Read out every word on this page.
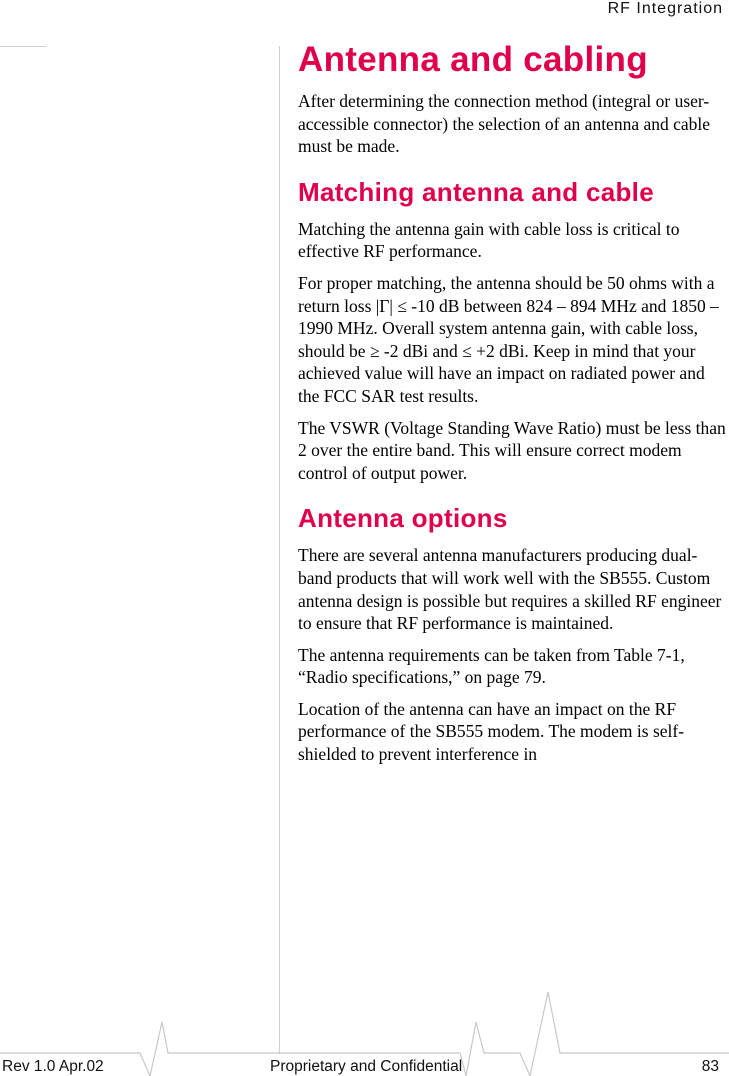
RF Integration
Antenna and cabling

After determining the connection method (integral or user-accessible connector) the selection of an antenna and cable must be made.

Matching antenna and cable

Matching the antenna gain with cable loss is critical to effective RF performance.

For proper matching, the antenna should be 50 ohms with a return loss |Γ| ≤ -10 dB between 824 – 894 MHz and 1850 – 1990 MHz. Overall system antenna gain, with cable loss, should be ≥ -2 dBi and ≤ +2 dBi. Keep in mind that your achieved value will have an impact on radiated power and the FCC SAR test results.

The VSWR (Voltage Standing Wave Ratio) must be less than 2 over the entire band. This will ensure correct modem control of output power.

Antenna options

There are several antenna manufacturers producing dual-band products that will work well with the SB555. Custom antenna design is possible but requires a skilled RF engineer to ensure that RF performance is maintained.

The antenna requirements can be taken from Table 7-1, “Radio specifications,” on page 79.

Location of the antenna can have an impact on the RF performance of the SB555 modem. The modem is self-shielded to prevent interference in

Rev 1.0 Apr.02	Proprietary and Confidential	83
